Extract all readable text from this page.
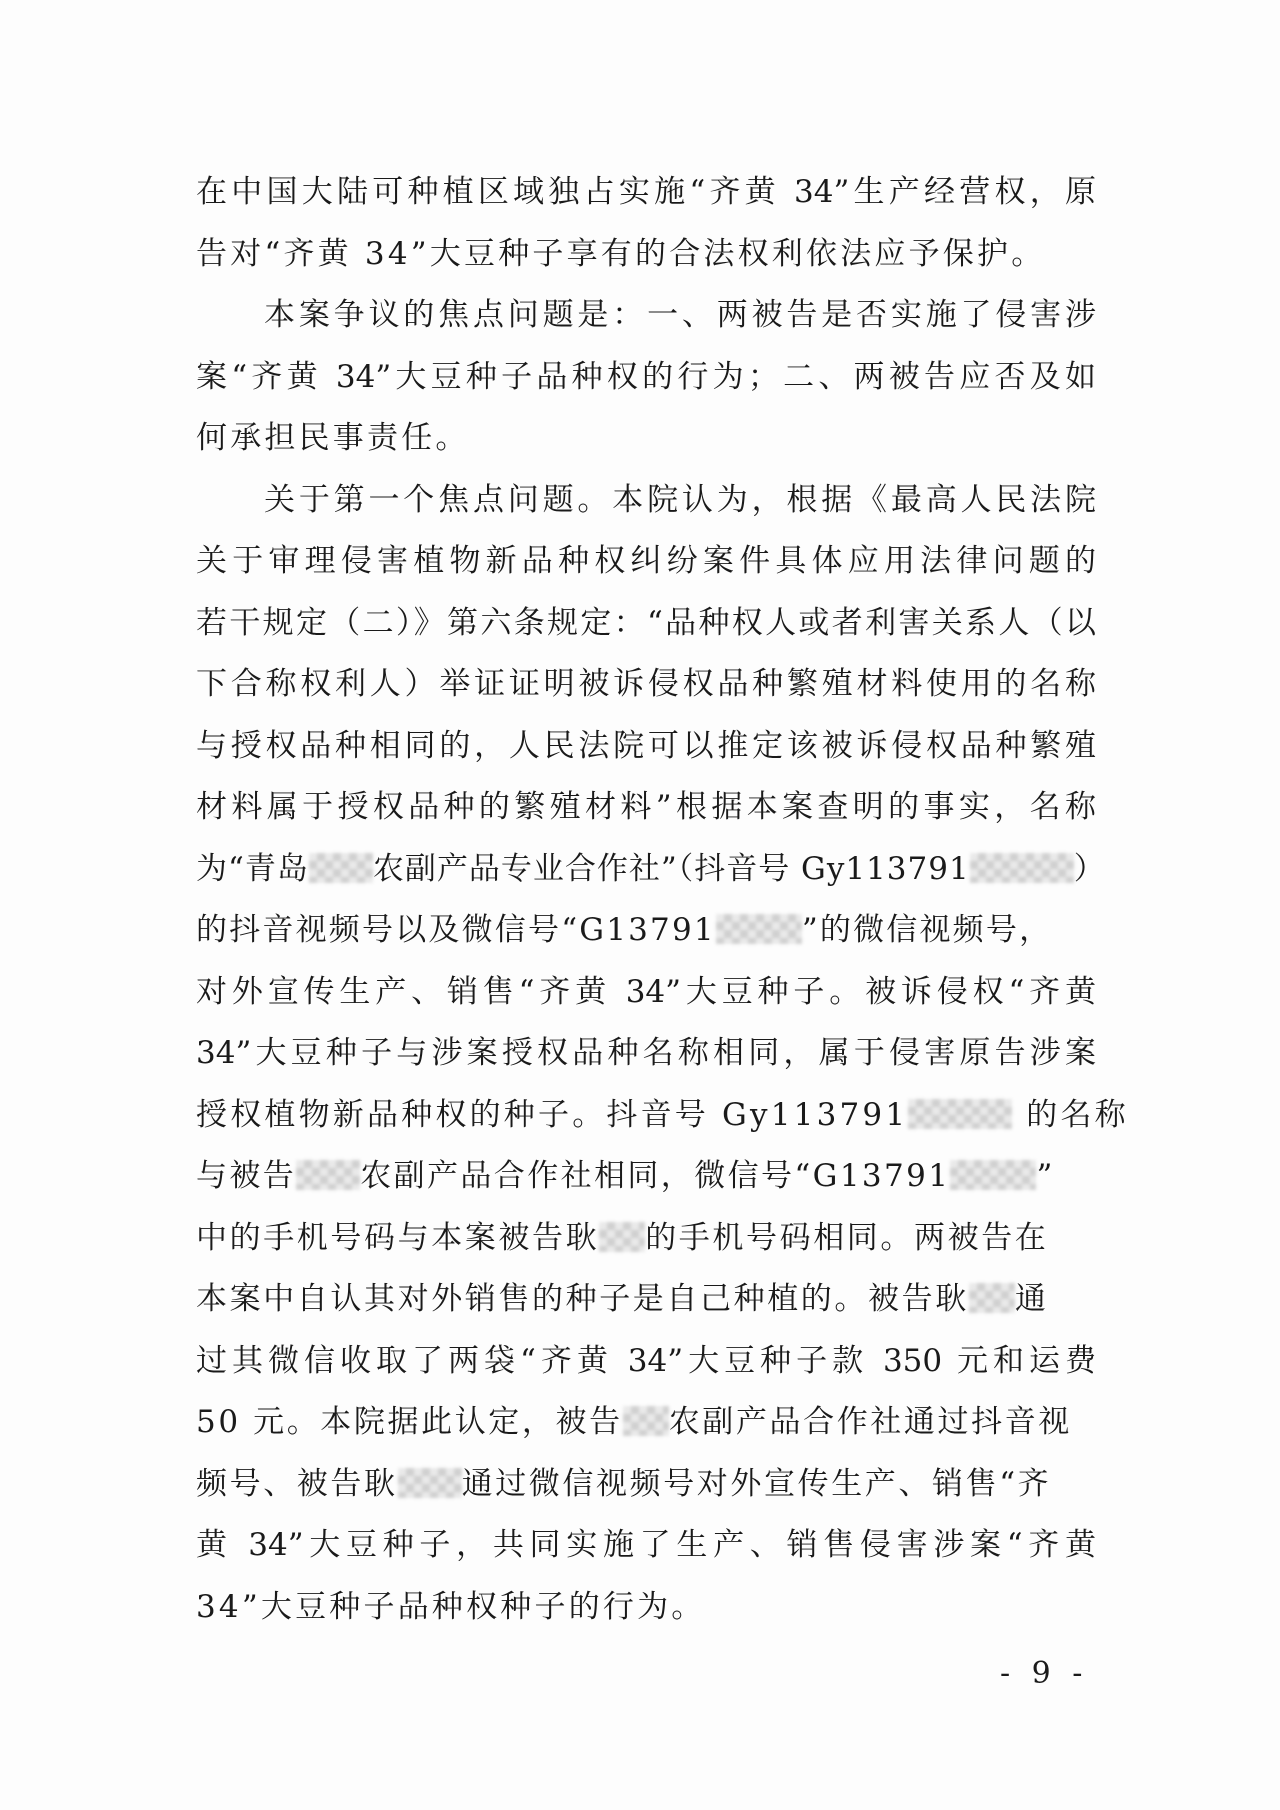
在中国大陆可种植区域独占实施“齐黄 34”生产经营权，原
告对“齐黄 34”大豆种子享有的合法权利依法应予保护。
本案争议的焦点问题是：一、两被告是否实施了侵害涉
案“齐黄 34”大豆种子品种权的行为；二、两被告应否及如
何承担民事责任。
关于第一个焦点问题。本院认为，根据《最高人民法院
关于审理侵害植物新品种权纠纷案件具体应用法律问题的
若干规定（二）》第六条规定：“品种权人或者利害关系人（以
下合称权利人）举证证明被诉侵权品种繁殖材料使用的名称
与授权品种相同的，人民法院可以推定该被诉侵权品种繁殖
材料属于授权品种的繁殖材料”根据本案查明的事实，名称
为“青岛 农副产品专业合作社”（抖音号 Gy113791	）
的抖音视频号以及微信号“G13791	”的微信视频号，
对外宣传生产、销售“齐黄 34”大豆种子。被诉侵权“齐黄
34”大豆种子与涉案授权品种名称相同，属于侵害原告涉案
授权植物新品种权的种子。抖音号 Gy113791	的名称
与被告 农副产品合作社相同，微信号“G13791	”
中的手机号码与本案被告耿 的手机号码相同。两被告在
本案中自认其对外销售的种子是自己种植的。被告耿 通
过其微信收取了两袋“齐黄 34”大豆种子款 350 元和运费
50 元。本院据此认定，被告 农副产品合作社通过抖音视
频号、被告耿 通过微信视频号对外宣传生产、销售“齐
黄 34”大豆种子，共同实施了生产、销售侵害涉案“齐黄
34”大豆种子品种权种子的行为。
- 9 -
